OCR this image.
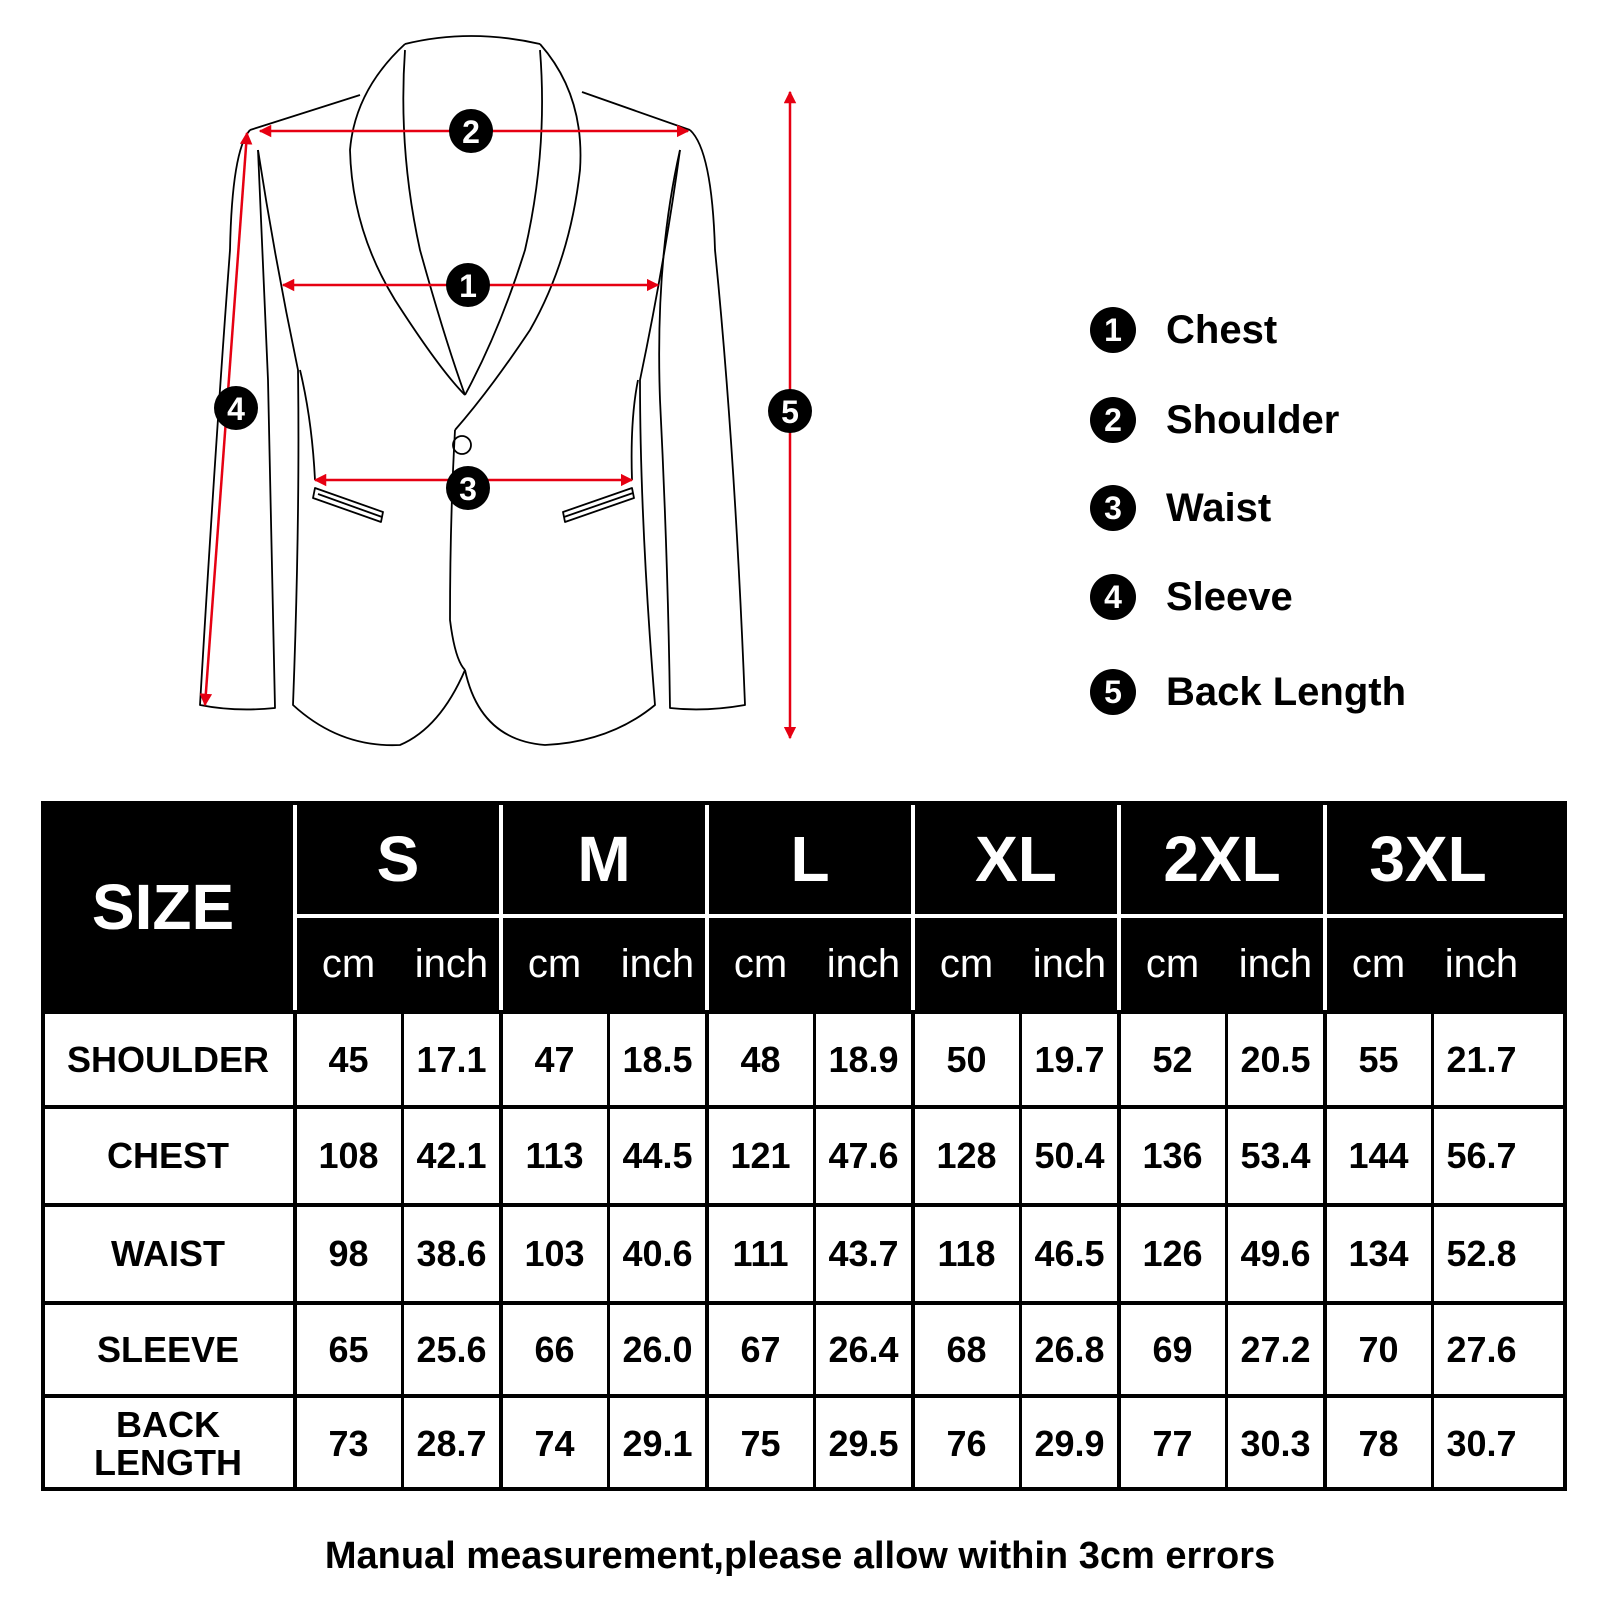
2
1
3
4	5
1	Chest
2	Shoulder
3	Waist
4	Sleeve
5	Back Length
SIZE
S
cm inch
M
cm inch
L
cm inch
XL
cm inch
2XL
cm inch
3XL
cm inch
SHOULDER	45	17.1	47	18.5	48	18.9	50	19.7	52	20.5	55	21.7
CHEST	108	42.1	113	44.5	121	47.6	128	50.4	136	53.4	144	56.7
WAIST	98	38.6	103	40.6	111	43.7	118	46.5	126	49.6	134	52.8
SLEEVE	65	25.6	66	26.0	67	26.4	68	26.8	69	27.2	70	27.6
BACK
LENGTH	73	28.7	74	29.1	75	29.5	76	29.9	77	30.3	78	30.7
Manual measurement,please allow within 3cm errors
